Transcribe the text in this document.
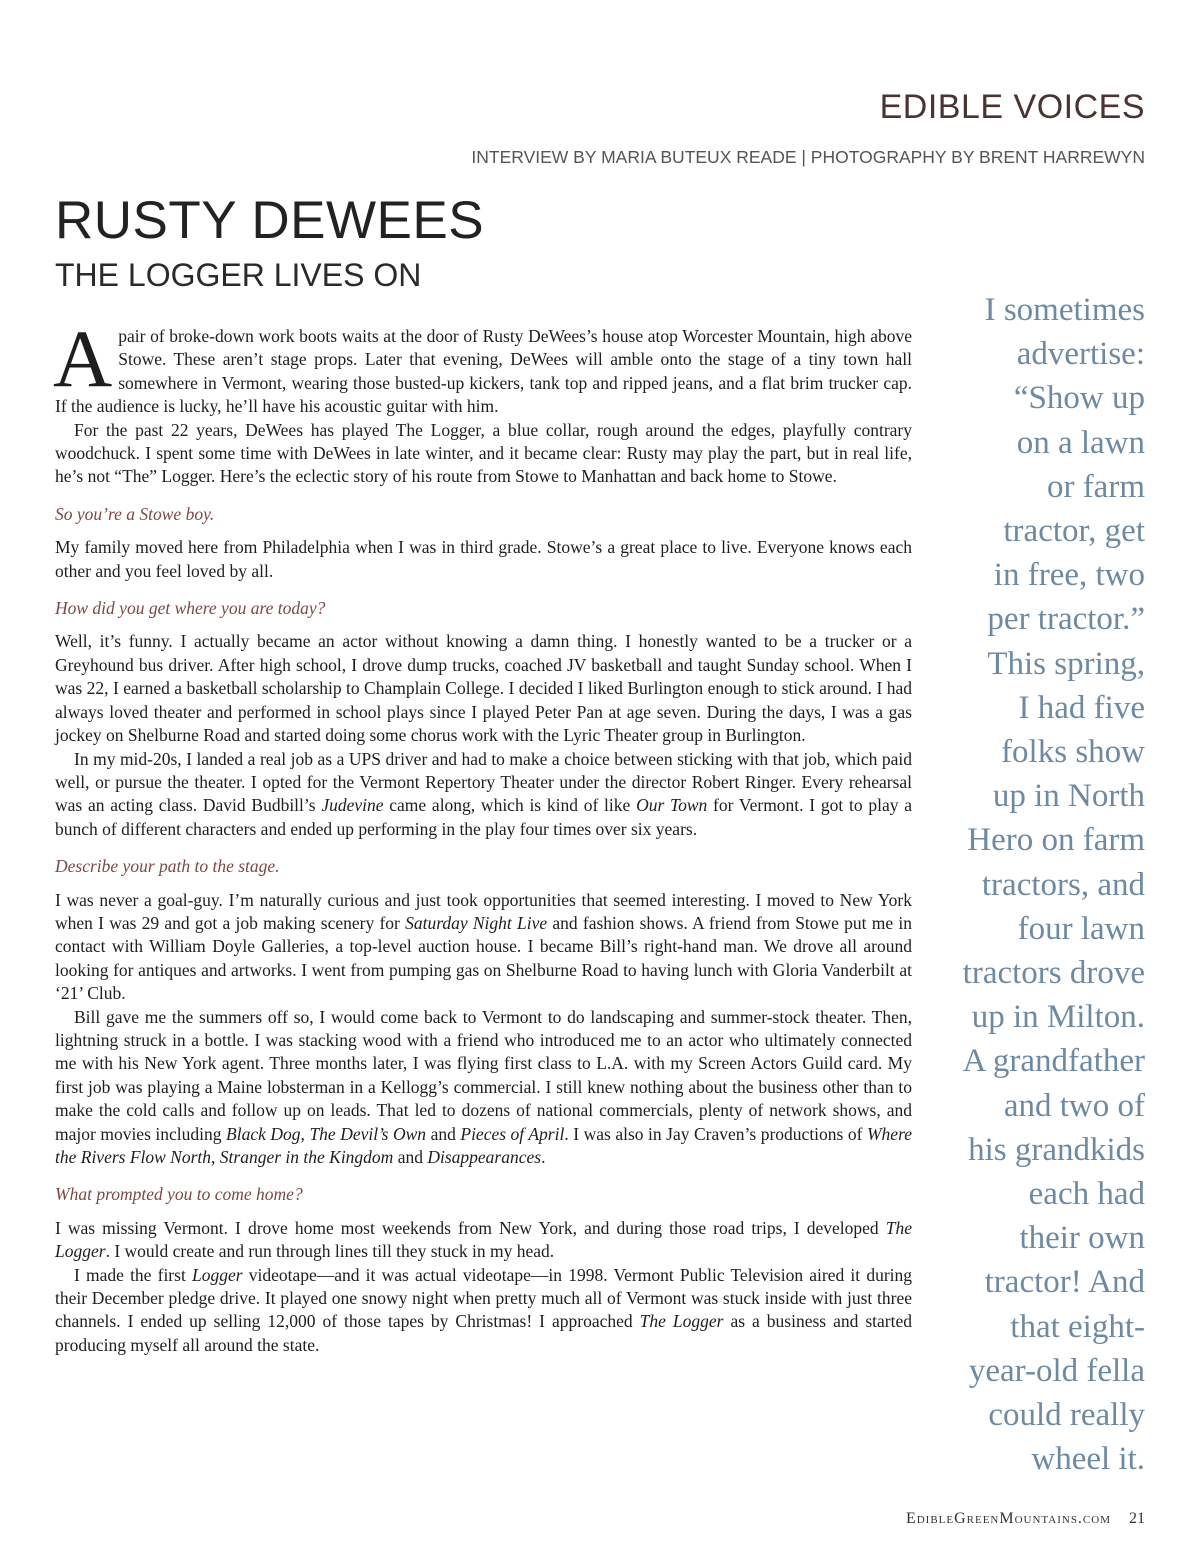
EDIBLE VOICES
INTERVIEW BY MARIA BUTEUX READE | PHOTOGRAPHY BY BRENT HARREWYN
RUSTY DEWEES
THE LOGGER LIVES ON

A pair of broke-down work boots waits at the door of Rusty DeWees’s house atop Worcester Mountain, high above Stowe. These aren’t stage props. Later that evening, DeWees will amble onto the stage of a tiny town hall somewhere in Vermont, wearing those busted-up kickers, tank top and ripped jeans, and a flat brim trucker cap. If the audience is lucky, he’ll have his acoustic guitar with him.

For the past 22 years, DeWees has played The Logger, a blue collar, rough around the edges, playfully contrary woodchuck. I spent some time with DeWees in late winter, and it became clear: Rusty may play the part, but in real life, he’s not “The” Logger. Here’s the eclectic story of his route from Stowe to Manhattan and back home to Stowe.

So you’re a Stowe boy.

My family moved here from Philadelphia when I was in third grade. Stowe’s a great place to live. Everyone knows each other and you feel loved by all.

How did you get where you are today?

Well, it’s funny. I actually became an actor without knowing a damn thing. I honestly wanted to be a trucker or a Greyhound bus driver. After high school, I drove dump trucks, coached JV basketball and taught Sunday school. When I was 22, I earned a basketball scholarship to Champlain College. I decided I liked Burlington enough to stick around. I had always loved theater and performed in school plays since I played Peter Pan at age seven. During the days, I was a gas jockey on Shelburne Road and started doing some chorus work with the Lyric Theater group in Burlington.

In my mid-20s, I landed a real job as a UPS driver and had to make a choice between sticking with that job, which paid well, or pursue the theater. I opted for the Vermont Repertory Theater under the director Robert Ringer. Every rehearsal was an acting class. David Budbill’s Judevine came along, which is kind of like Our Town for Vermont. I got to play a bunch of different characters and ended up performing in the play four times over six years.

Describe your path to the stage.

I was never a goal-guy. I’m naturally curious and just took opportunities that seemed interesting. I moved to New York when I was 29 and got a job making scenery for Saturday Night Live and fashion shows. A friend from Stowe put me in contact with William Doyle Galleries, a top-level auction house. I became Bill’s right-hand man. We drove all around looking for antiques and artworks. I went from pumping gas on Shelburne Road to having lunch with Gloria Vanderbilt at ‘21’ Club.

Bill gave me the summers off so, I would come back to Vermont to do landscaping and summer-stock theater. Then, lightning struck in a bottle. I was stacking wood with a friend who introduced me to an actor who ultimately connected me with his New York agent. Three months later, I was flying first class to L.A. with my Screen Actors Guild card. My first job was playing a Maine lobsterman in a Kellogg’s commercial. I still knew nothing about the business other than to make the cold calls and follow up on leads. That led to dozens of national commercials, plenty of network shows, and major movies including Black Dog, The Devil’s Own and Pieces of April. I was also in Jay Craven’s productions of Where the Rivers Flow North, Stranger in the Kingdom and Disappearances.

What prompted you to come home?

I was missing Vermont. I drove home most weekends from New York, and during those road trips, I developed The Logger. I would create and run through lines till they stuck in my head.

I made the first Logger videotape—and it was actual videotape—in 1998. Vermont Public Television aired it during their December pledge drive. It played one snowy night when pretty much all of Vermont was stuck inside with just three channels. I ended up selling 12,000 of those tapes by Christmas! I approached The Logger as a business and started producing myself all around the state.

I sometimes

advertise:

“Show up

on a lawn

or farm

tractor, get

in free, two

per tractor.”

This spring,

I had five

folks show

up in North

Hero on farm

tractors, and

four lawn

tractors drove

up in Milton.

A grandfather

and two of

his grandkids

each had

their own

tractor! And

that eight-

year-old fella

could really

wheel it.

EdibleGreenMountains.com 21
